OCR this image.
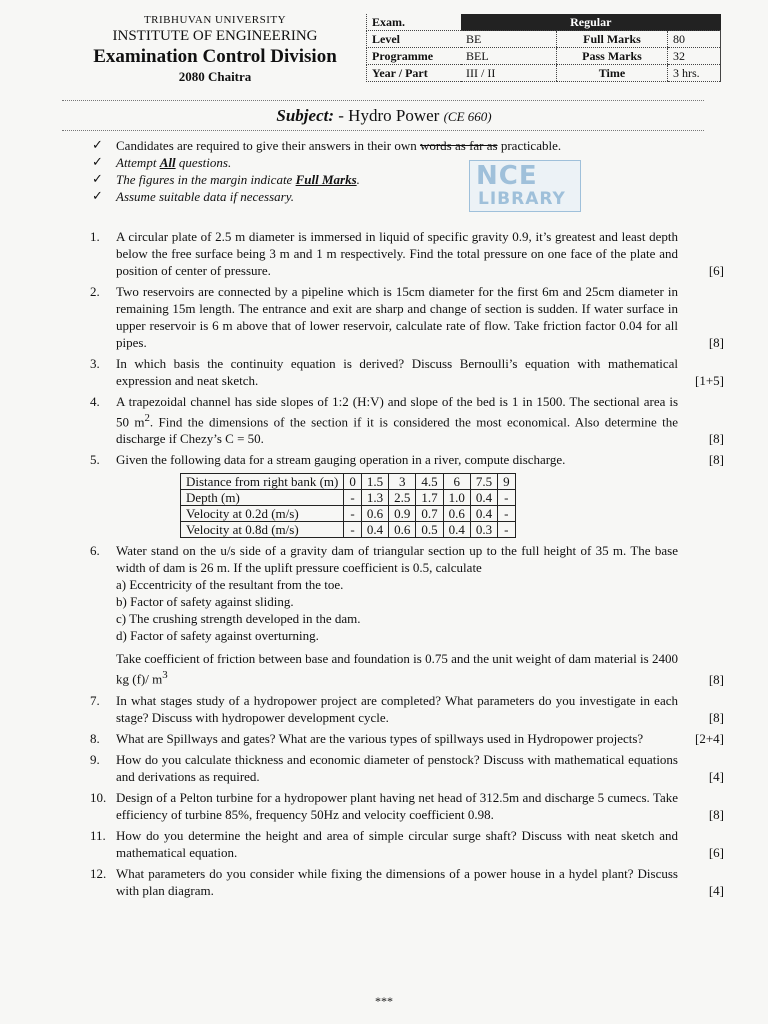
TRIBHUVAN UNIVERSITY
INSTITUTE OF ENGINEERING
Examination Control Division
2080 Chaitra
Exam.	Regular		
Level	BE	Full Marks	80
Programme	BEL	Pass Marks	32
Year / Part	III / II	Time	3 hrs.
Subject: - Hydro Power (CE 660)
✓ Candidates are required to give their answers in their own words as far as practicable.
✓ Attempt All questions.
✓ The figures in the margin indicate Full Marks.
✓ Assume suitable data if necessary.
NCE
LIBRARY
1. A circular plate of 2.5 m diameter is immersed in liquid of specific gravity 0.9, it’s greatest and least depth below the free surface being 3 m and 1 m respectively. Find the total pressure on one face of the plate and position of center of pressure.	[6]
2. Two reservoirs are connected by a pipeline which is 15cm diameter for the first 6m and 25cm diameter in remaining 15m length. The entrance and exit are sharp and change of section is sudden. If water surface in upper reservoir is 6 m above that of lower reservoir, calculate rate of flow. Take friction factor 0.04 for all pipes.	[8]
3. In which basis the continuity equation is derived? Discuss Bernoulli’s equation with mathematical expression and neat sketch.	[1+5]
4. A trapezoidal channel has side slopes of 1:2 (H:V) and slope of the bed is 1 in 1500. The sectional area is 50 $m^2$. Find the dimensions of the section if it is considered the most economical. Also determine the discharge if Chezy’s C = 50.	[8]
5. Given the following data for a stream gauging operation in a river, compute discharge.	[8]
Distance from right bank (m)	0	1.5	3	4.5	6	7.5	9
Depth (m)	-	1.3	2.5	1.7	1.0	0.4	-
Velocity at 0.2d (m/s)	-	0.6	0.9	0.7	0.6	0.4	-
Velocity at 0.8d (m/s)	-	0.4	0.6	0.5	0.4	0.3	-
6. Water stand on the u/s side of a gravity dam of triangular section up to the full height of 35 m. The base width of dam is 26 m. If the uplift pressure coefficient is 0.5, calculate
a) Eccentricity of the resultant from the toe.
b) Factor of safety against sliding.
c) The crushing strength developed in the dam.
d) Factor of safety against overturning.
Take coefficient of friction between base and foundation is 0.75 and the unit weight of dam material is 2400 kg (f)/ $m^3$	[8]
7. In what stages study of a hydropower project are completed? What parameters do you investigate in each stage? Discuss with hydropower development cycle.	[8]
8. What are Spillways and gates? What are the various types of spillways used in Hydropower projects?	[2+4]
9. How do you calculate thickness and economic diameter of penstock? Discuss with mathematical equations and derivations as required.	[4]
10. Design of a Pelton turbine for a hydropower plant having net head of 312.5m and discharge 5 cumecs. Take efficiency of turbine 85%, frequency 50Hz and velocity coefficient 0.98.	[8]
11. How do you determine the height and area of simple circular surge shaft? Discuss with neat sketch and mathematical equation.	[6]
12. What parameters do you consider while fixing the dimensions of a power house in a hydel plant? Discuss with plan diagram.	[4]
***
